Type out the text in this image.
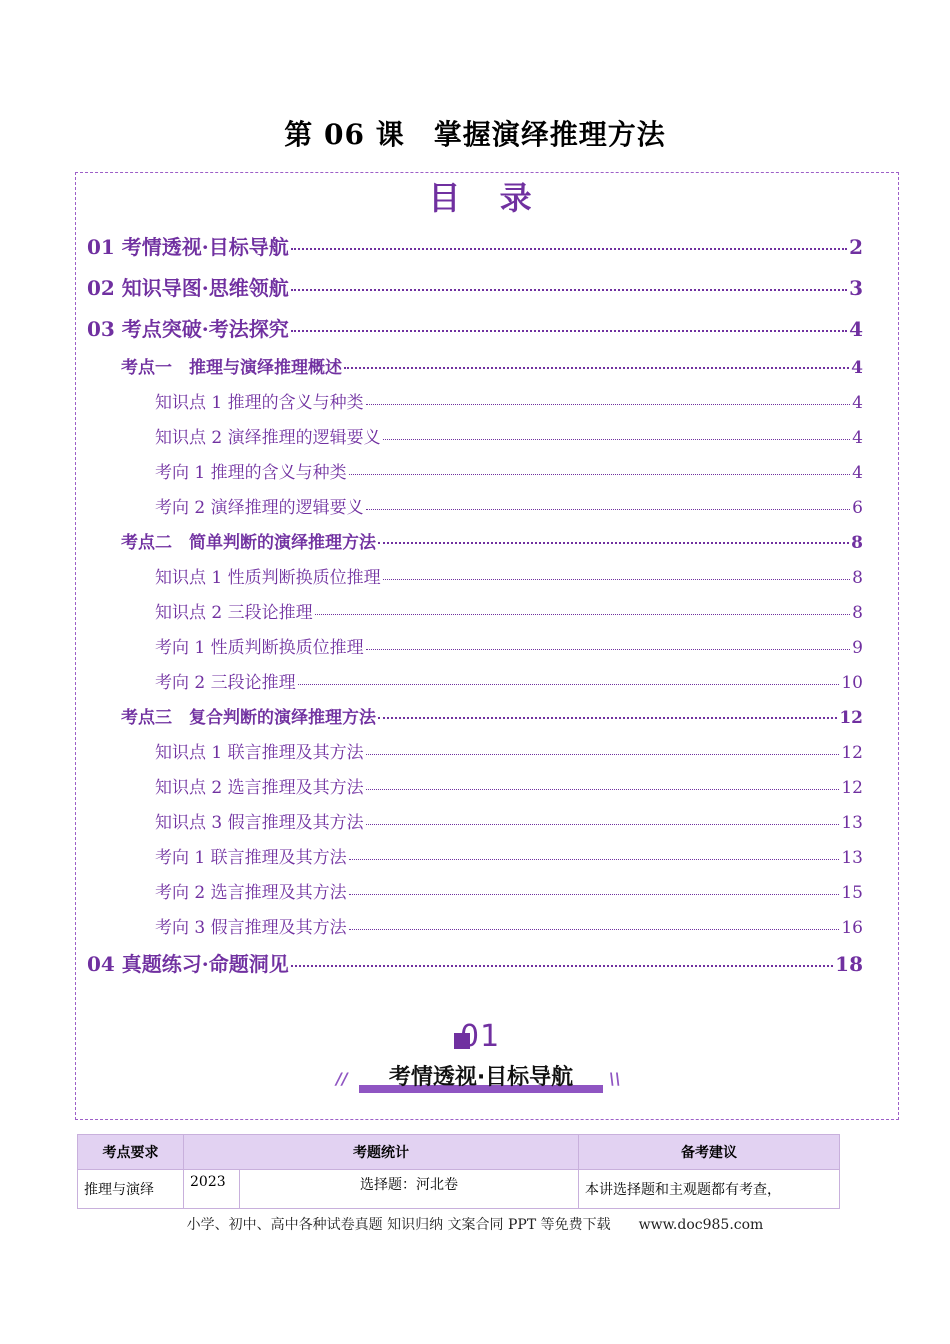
第 06 课　掌握演绎推理方法
目 录
01 考情透视·目标导航	2
02 知识导图·思维领航	3
03 考点突破·考法探究	4
考点一　推理与演绎推理概述	4
知识点 1 推理的含义与种类	4
知识点 2 演绎推理的逻辑要义	4
考向 1 推理的含义与种类	4
考向 2 演绎推理的逻辑要义	6
考点二　简单判断的演绎推理方法	8
知识点 1 性质判断换质位推理	8
知识点 2 三段论推理	8
考向 1 性质判断换质位推理	9
考向 2 三段论推理	10
考点三　复合判断的演绎推理方法	12
知识点 1 联言推理及其方法	12
知识点 2 选言推理及其方法	12
知识点 3 假言推理及其方法	13
考向 1 联言推理及其方法	13
考向 2 选言推理及其方法	15
考向 3 假言推理及其方法	16
04 真题练习·命题洞见	18
01
//	考情透视·目标导航	\\
考点要求	考题统计		备考建议
推理与演绎	2023	选择题：河北卷	本讲选择题和主观题都有考查，
小学、初中、高中各种试卷真题 知识归纳 文案合同 PPT 等免费下载　　www.doc985.com
